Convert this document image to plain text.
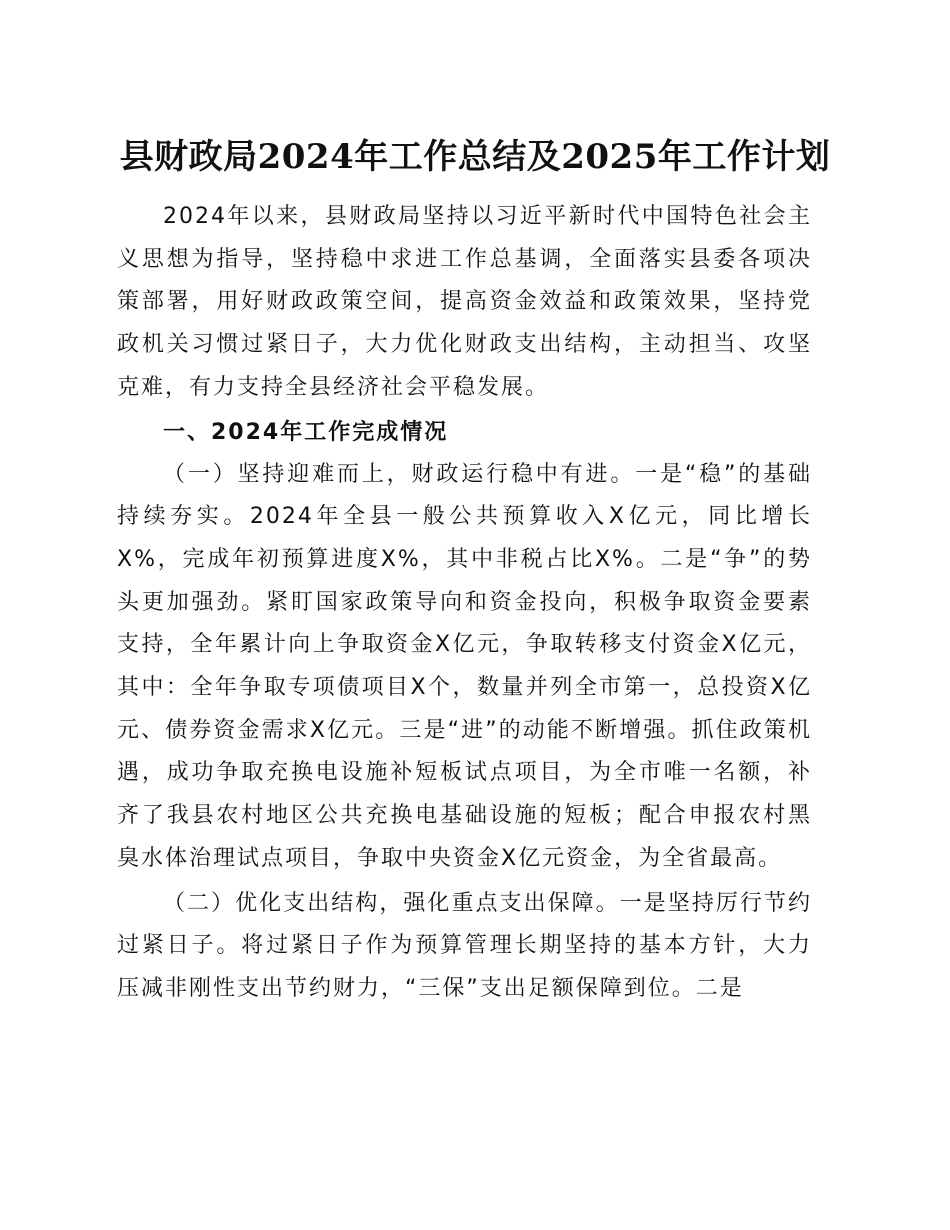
县财政局2024年工作总结及2025年工作计划

2024年以来，县财政局坚持以习近平新时代中国特色社会主义思想为指导，坚持稳中求进工作总基调，全面落实县委各项决策部署，用好财政政策空间，提高资金效益和政策效果，坚持党政机关习惯过紧日子，大力优化财政支出结构，主动担当、攻坚克难，有力支持全县经济社会平稳发展。

一、2024年工作完成情况

（一）坚持迎难而上，财政运行稳中有进。一是“稳”的基础持续夯实。2024年全县一般公共预算收入X亿元，同比增长X%，完成年初预算进度X%，其中非税占比X%。二是“争”的势头更加强劲。紧盯国家政策导向和资金投向，积极争取资金要素支持，全年累计向上争取资金X亿元，争取转移支付资金X亿元，其中：全年争取专项债项目X个，数量并列全市第一，总投资X亿元、债券资金需求X亿元。三是“进”的动能不断增强。抓住政策机遇，成功争取充换电设施补短板试点项目，为全市唯一名额，补齐了我县农村地区公共充换电基础设施的短板；配合申报农村黑臭水体治理试点项目，争取中央资金X亿元资金，为全省最高。

（二）优化支出结构，强化重点支出保障。一是坚持厉行节约过紧日子。将过紧日子作为预算管理长期坚持的基本方针，大力压减非刚性支出节约财力，“三保”支出足额保障到位。二是
